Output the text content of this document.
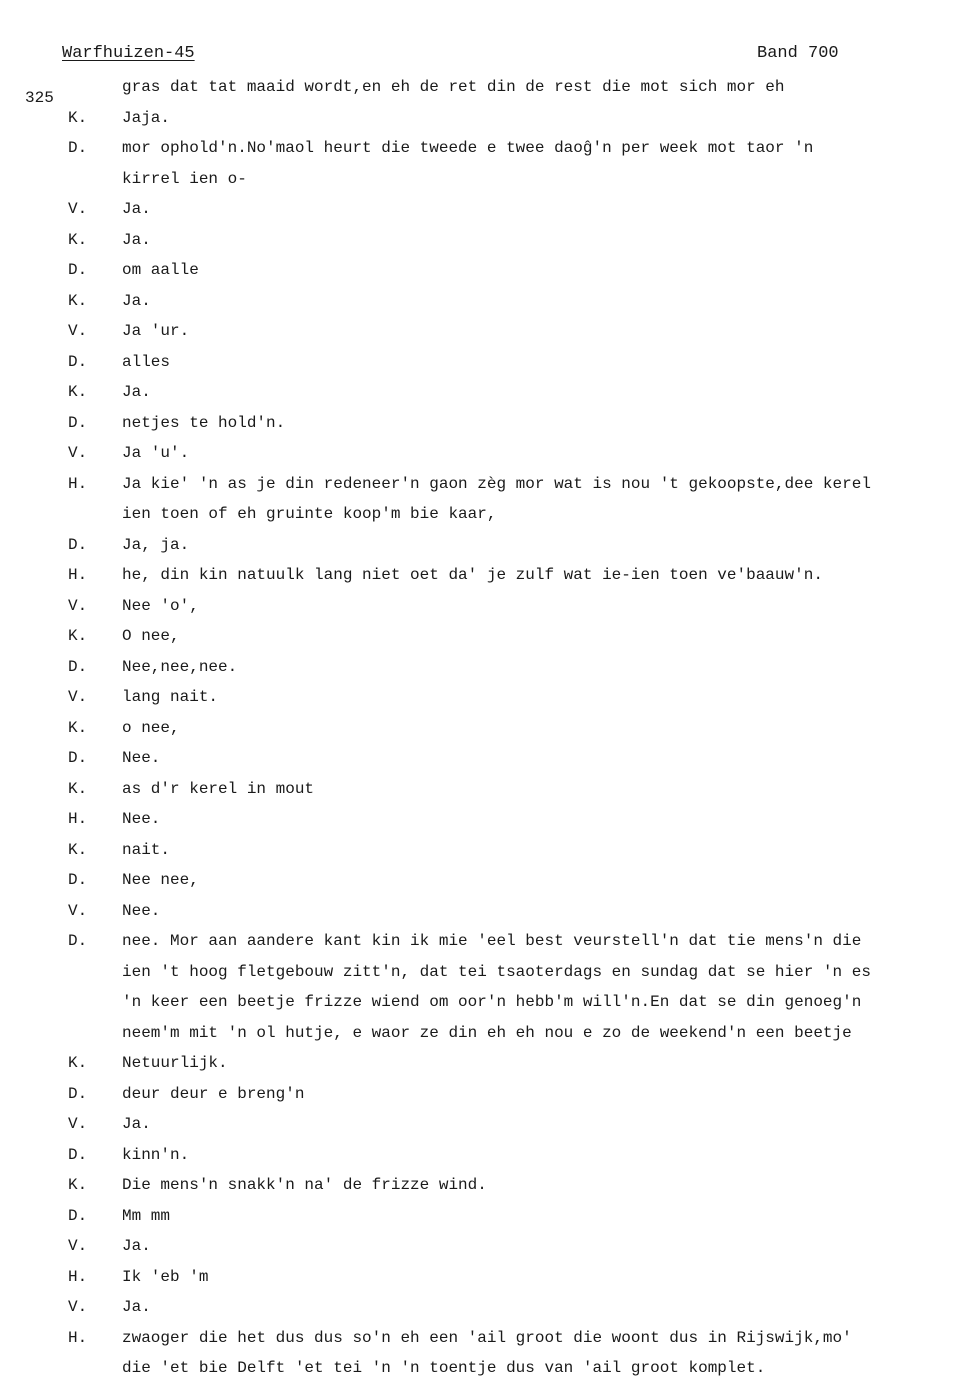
Warfhuizen-45	Band 700
325
gras dat tat maaid wordt,en eh de ret din de rest die mot sich mor eh
K. Jaja.
D. mor ophold'n.No'maol heurt die tweede e twee daoĝ'n per week mot taor 'n
kirrel ien o-
V. Ja.
K. Ja.
D. om aalle
K. Ja.
V. Ja 'ur.
D. alles
K. Ja.
D. netjes te hold'n.
V. Ja 'u'.
H. Ja kie' 'n as je din redeneer'n gaon zèg mor wat is nou 't gekoopste,dee kerel
ien toen of eh gruinte koop'm bie kaar,
D. Ja, ja.
H. he, din kin natuulk lang niet oet da' je zulf wat ie-ien toen ve'baauw'n.
V. Nee 'o',
K. O nee,
D. Nee,nee,nee.
V. lang nait.
K. o nee,
D. Nee.
K. as d'r kerel in mout
H. Nee.
K. nait.
D. Nee nee,
V. Nee.
D. nee. Mor aan aandere kant kin ik mie 'eel best veurstell'n dat tie mens'n die
ien 't hoog fletgebouw zitt'n, dat tei tsaoterdags en sundag dat se hier 'n es
'n keer een beetje frizze wiend om oor'n hebb'm will'n.En dat se din genoeg'n
neem'm mit 'n ol hutje, e waor ze din eh eh nou e zo de weekend'n een beetje
K. Netuurlijk.
D. deur deur e breng'n
V. Ja.
D. kinn'n.
K. Die mens'n snakk'n na' de frizze wind.
D. Mm mm
V. Ja.
H. Ik 'eb 'm
V. Ja.
H. zwaoger die het dus dus so'n eh een 'ail groot die woont dus in Rijswijk,mo'
die 'et bie Delft 'et tei 'n 'n toentje dus van 'ail groot komplet.
